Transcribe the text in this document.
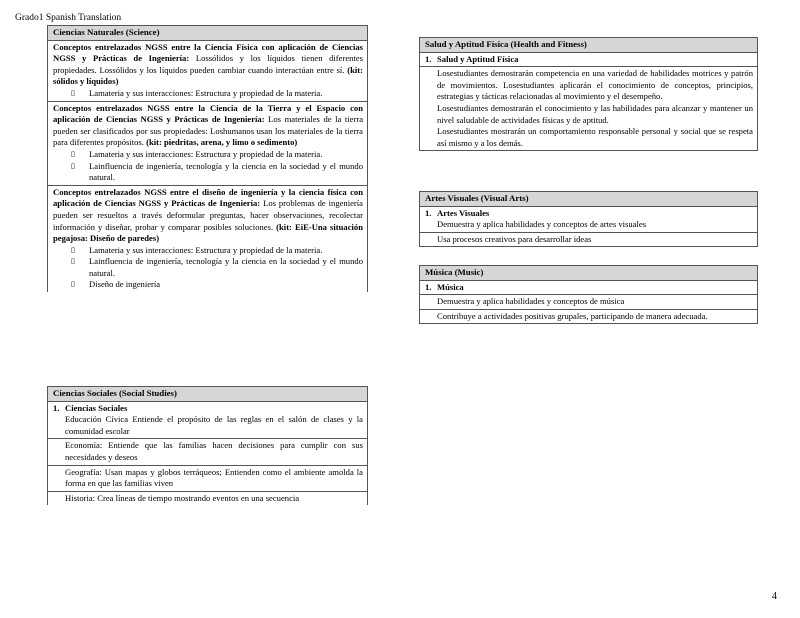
Grado1 Spanish Translation
Ciencias Naturales (Science)

Conceptos entrelazados NGSS entre la Ciencia Física con aplicación de Ciencias NGSS y Prácticas de Ingeniería: Lossólidos y los líquidos tienen diferentes propiedades. Lossólidos y los líquidos pueden cambiar cuando interactúan entre sí. (kit: sólidos y líquidos)
▯ Lamateria y sus interacciones: Estructura y propiedad de la materia.

Conceptos entrelazados NGSS entre la Ciencia de la Tierra y el Espacio con aplicación de Ciencias NGSS y Prácticas de Ingeniería: Los materiales de la tierra pueden ser clasificados por sus propiedades: Loshumanos usan los materiales de la tierra para diferentes propósitos. (kit: piedritas, arena, y limo o sedimento)
▯ Lamateria y sus interacciones: Estructura y propiedad de la materia.
▯ Lainfluencia de ingeniería, tecnología y la ciencia en la sociedad y el mundo natural.

Conceptos entrelazados NGSS entre el diseño de ingeniería y la ciencia física con aplicación de Ciencias NGSS y Prácticas de Ingeniería: Los problemas de ingeniería pueden ser resueltos a través deformular preguntas, hacer observaciones, recolectar información y diseñar, probar y comparar posibles soluciones. (kit: EiE-Una situación pegajosa: Diseño de paredes)
▯ Lamateria y sus interacciones: Estructura y propiedad de la materia.
▯ Lainfluencia de ingeniería, tecnología y la ciencia en la sociedad y el mundo natural.
▯ Diseño de ingeniería
Ciencias Sociales (Social Studies)

1. Ciencias Sociales
Educación Cívica Entiende el propósito de las reglas en el salón de clases y la comunidad escolar

Economía: Entiende que las familias hacen decisiones para cumplir con sus necesidades y deseos

Geografía: Usan mapas y globos terráqueos; Entienden como el ambiente amolda la forma en que las familias viven

Historia: Crea líneas de tiempo mostrando eventos en una secuencia
Salud y Aptitud Física (Health and Fitness)

1. Salud y Aptitud Física

Losestudiantes demostrarán competencia en una variedad de habilidades motrices y patrón de movimientos. Losestudiantes aplicarán el conocimiento de conceptos, principios, estrategias y tácticas relacionadas al movimiento y el desempeño.
Losestudiantes demostrarán el conocimiento y las habilidades para alcanzar y mantener un nivel saludable de actividades físicas y de aptitud.
Losestudiantes mostrarán un comportamiento responsable personal y social que se respeta así mismo y a los demás.
Artes Visuales (Visual Arts)

1. Artes Visuales
Demuestra y aplica habilidades y conceptos de artes visuales

Usa procesos creativos para desarrollar ideas
Música (Music)

1. Música

Demuestra y aplica habilidades y conceptos de música

Contribuye a actividades positivas grupales, participando de manera adecuada.
4
